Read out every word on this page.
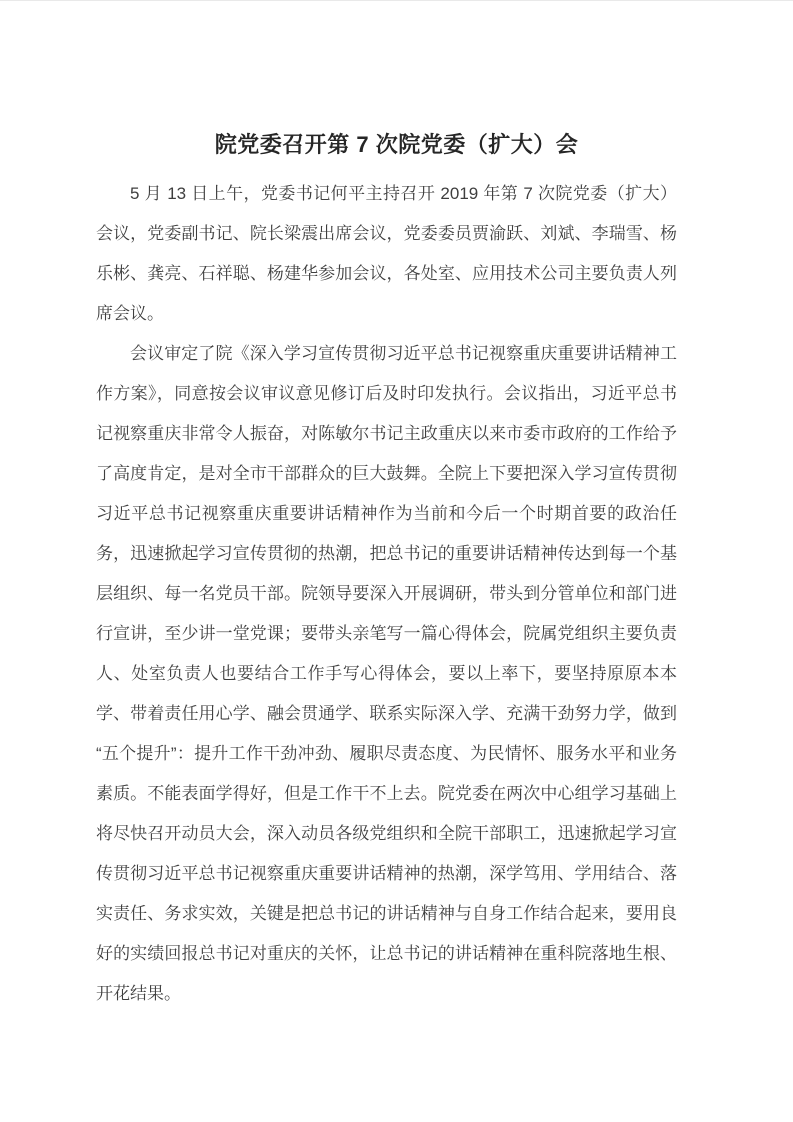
院党委召开第 7 次院党委（扩大）会

5 月 13 日上午，党委书记何平主持召开 2019 年第 7 次院党委（扩大）会议，党委副书记、院长梁震出席会议，党委委员贾渝跃、刘斌、李瑞雪、杨乐彬、龚亮、石祥聪、杨建华参加会议，各处室、应用技术公司主要负责人列席会议。

会议审定了院《深入学习宣传贯彻习近平总书记视察重庆重要讲话精神工作方案》，同意按会议审议意见修订后及时印发执行。会议指出，习近平总书记视察重庆非常令人振奋，对陈敏尔书记主政重庆以来市委市政府的工作给予了高度肯定，是对全市干部群众的巨大鼓舞。全院上下要把深入学习宣传贯彻习近平总书记视察重庆重要讲话精神作为当前和今后一个时期首要的政治任务，迅速掀起学习宣传贯彻的热潮，把总书记的重要讲话精神传达到每一个基层组织、每一名党员干部。院领导要深入开展调研，带头到分管单位和部门进行宣讲，至少讲一堂党课；要带头亲笔写一篇心得体会，院属党组织主要负责人、处室负责人也要结合工作手写心得体会，要以上率下，要坚持原原本本学、带着责任用心学、融会贯通学、联系实际深入学、充满干劲努力学，做到“五个提升”：提升工作干劲冲劲、履职尽责态度、为民情怀、服务水平和业务素质。不能表面学得好，但是工作干不上去。院党委在两次中心组学习基础上将尽快召开动员大会，深入动员各级党组织和全院干部职工，迅速掀起学习宣传贯彻习近平总书记视察重庆重要讲话精神的热潮，深学笃用、学用结合、落实责任、务求实效，关键是把总书记的讲话精神与自身工作结合起来，要用良好的实绩回报总书记对重庆的关怀，让总书记的讲话精神在重科院落地生根、开花结果。
